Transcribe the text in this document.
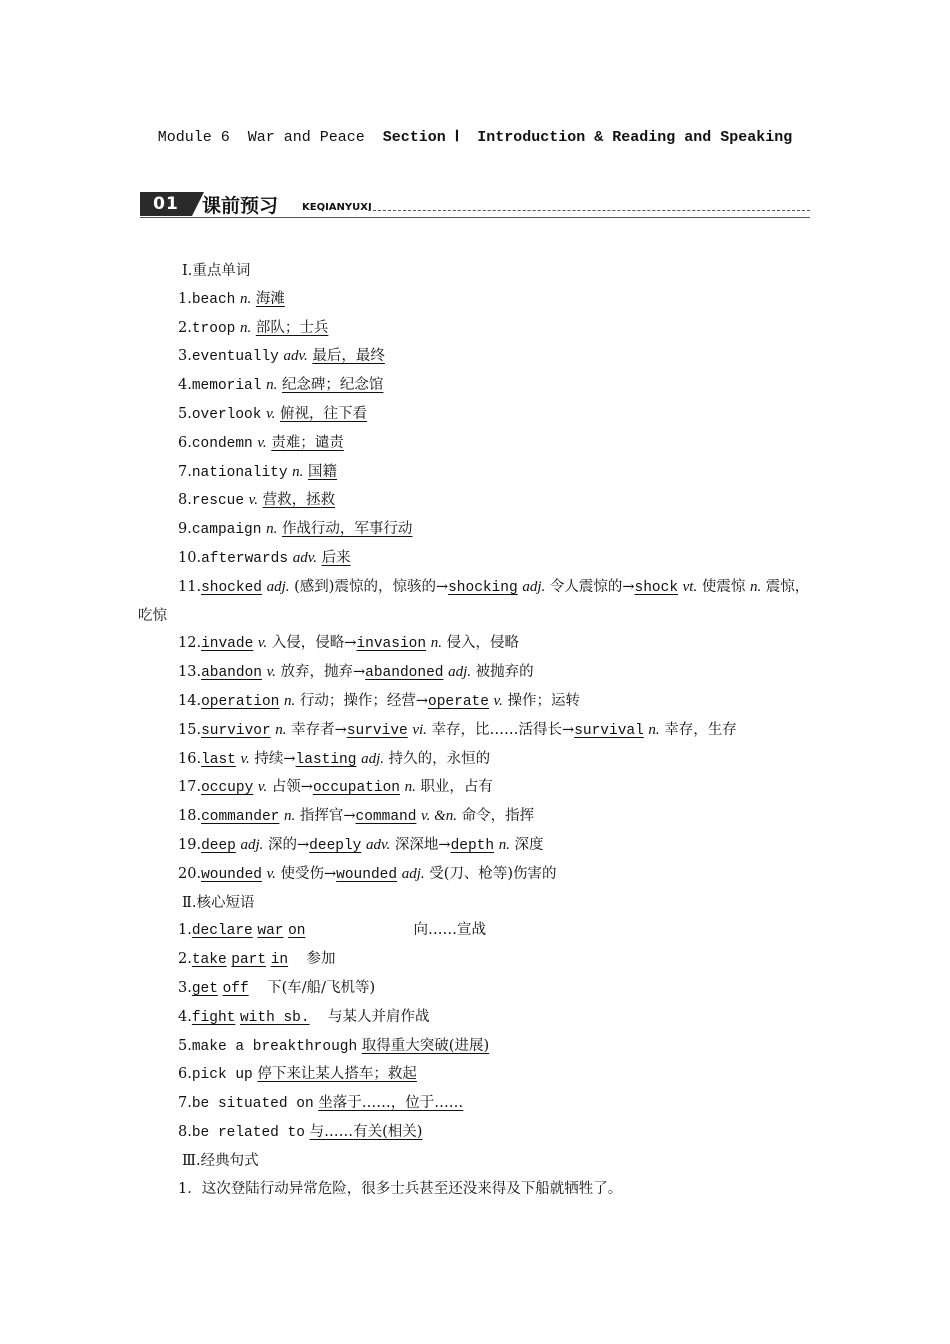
Module 6  War and Peace Section Ⅰ Introduction & Reading and Speaking
01	课前预习 KEQIANYUXI
Ⅰ.重点单词
1.beach n. 海滩
2.troop n. 部队；士兵
3.eventually adv. 最后，最终
4.memorial n. 纪念碑；纪念馆
5.overlook v. 俯视，往下看
6.condemn v. 责难；谴责
7.nationality n. 国籍
8.rescue v. 营救，拯救
9.campaign n. 作战行动，军事行动
10.afterwards adv. 后来
11.shocked adj. (感到)震惊的，惊骇的→shocking adj. 令人震惊的→shock vt. 使震惊 n. 震惊，吃惊
12.invade v. 入侵，侵略→invasion n. 侵入，侵略
13.abandon v. 放弃，抛弃→abandoned adj. 被抛弃的
14.operation n. 行动；操作；经营→operate v. 操作；运转
15.survivor n. 幸存者→survive vi. 幸存，比……活得长→survival n. 幸存，生存
16.last v. 持续→lasting adj. 持久的，永恒的
17.occupy v. 占领→occupation n. 职业，占有
18.commander n. 指挥官→command v. &n. 命令，指挥
19.deep adj. 深的→deeply adv. 深深地→depth n. 深度
20.wounded v. 使受伤→wounded adj. 受(刀、枪等)伤害的
Ⅱ.核心短语
1.declare war on	向……宣战
2.take part in 参加
3.get off 下(车/船/飞机等)
4.fight with sb. 与某人并肩作战
5.make a breakthrough 取得重大突破(进展)
6.pick up 停下来让某人搭车；救起
7.be situated on 坐落于……，位于……
8.be related to 与……有关(相关)
Ⅲ.经典句式
1．这次登陆行动异常危险，很多士兵甚至还没来得及下船就牺牲了。
